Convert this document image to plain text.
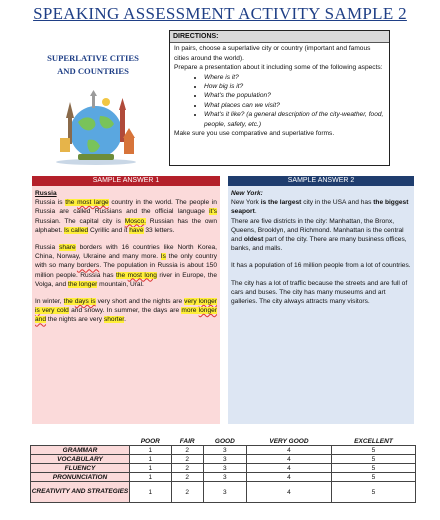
SPEAKING ASSESSMENT ACTIVITY SAMPLE 2
SUPERLATIVE CITIES
AND COUNTRIES
DIRECTIONS:
In pairs, choose a superlative city or country (important and famous cities around the world).
Prepare a presentation about it including some of the following aspects:
• Where is it?
• How big is it?
• What's the population?
• What places can we visit?
• What's it like? (a general description of the city-weather, food, people, safety, etc.)
Make sure you use comparative and superlative forms.
SAMPLE ANSWER 1
Russia

Russia is the most large country in the world. The people in Russia are called Russians and the official language it's Russian. The capital city is Mosco. Russian has the own alphabet. Is called Cyrillic and it have 33 letters.

Russia share borders with 16 countries like North Korea, China, Norway, Ukraine and many more. Is the only country with so many borders. The population in Russia is about 150 million people. Russia has the most long river in Europe, the Volga, and the longer mountain, Ural.

In winter, the days is very short and the nights are very longer is very cold and snowy. In summer, the days are more longer and the nights are very shorter.

SAMPLE ANSWER 2
New York:

New York is the largest city in the USA and has the biggest seaport.
There are five districts in the city: Manhattan, the Bronx, Queens, Brooklyn, and Richmond. Manhattan is the central and oldest part of the city. There are many business offices, banks, and malls.

It has a population of 16 million people from a lot of countries.

The city has a lot of traffic because the streets and are full of cars and buses. The city has many museums and art galleries. The city always attracts many visitors.

	POOR	FAIR	GOOD	VERY GOOD	EXCELLENT
GRAMMAR	1	2	3	4	5
VOCABULARY	1	2	3	4	5
FLUENCY	1	2	3	4	5
PRONUNCIATION	1	2	3	4	5
CREATIVITY AND STRATEGIES	1	2	3	4	5
